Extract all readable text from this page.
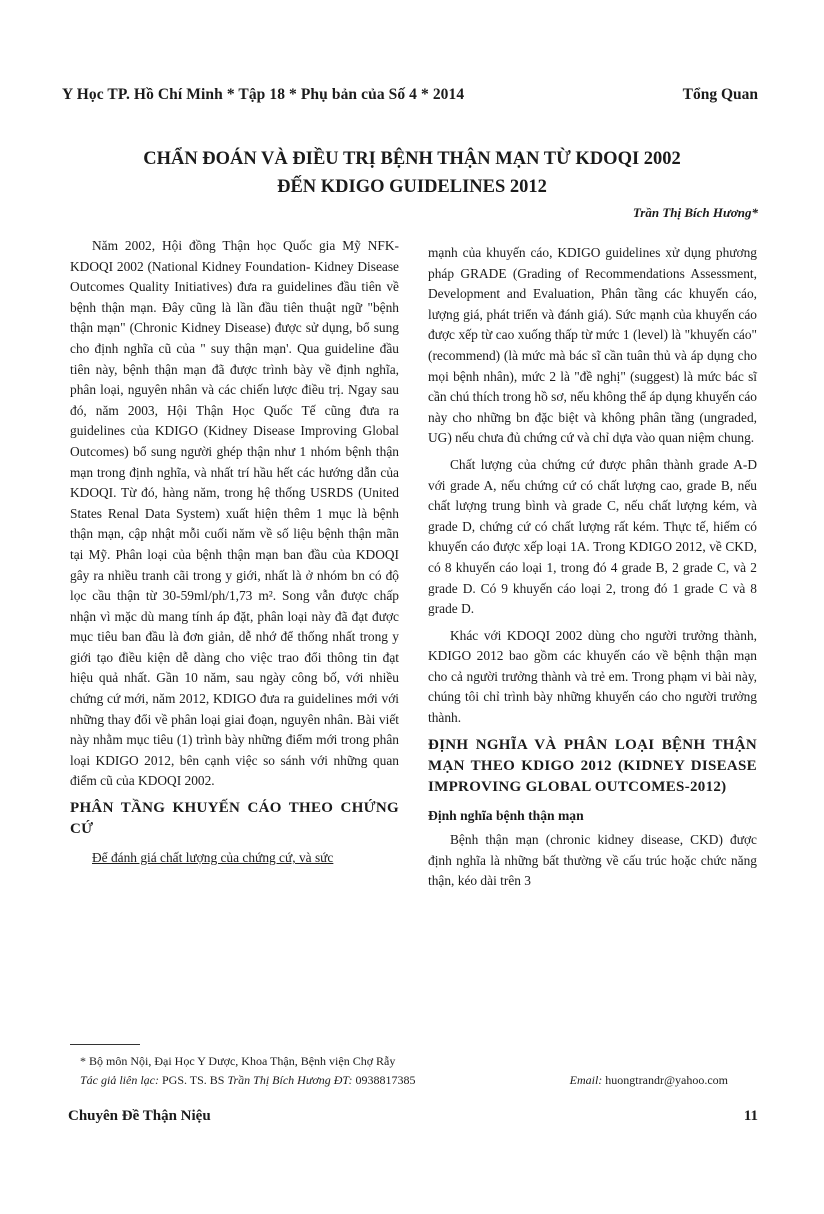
Y Học TP. Hồ Chí Minh * Tập 18 * Phụ bản của Số 4 * 2014	Tổng Quan
CHẨN ĐOÁN VÀ ĐIỀU TRỊ BỆNH THẬN MẠN TỪ KDOQI 2002
ĐẾN KDIGO GUIDELINES 2012
Trần Thị Bích Hương*

Năm 2002, Hội đồng Thận học Quốc gia Mỹ NFK-KDOQI 2002 (National Kidney Foundation- Kidney Disease Outcomes Quality Initiatives) đưa ra guidelines đầu tiên về bệnh thận mạn. Đây cũng là lần đầu tiên thuật ngữ "bệnh thận mạn" (Chronic Kidney Disease) được sử dụng, bổ sung cho định nghĩa cũ của " suy thận mạn'. Qua guideline đầu tiên này, bệnh thận mạn đã được trình bày về định nghĩa, phân loại, nguyên nhân và các chiến lược điều trị. Ngay sau đó, năm 2003, Hội Thận Học Quốc Tế cũng đưa ra guidelines của KDIGO (Kidney Disease Improving Global Outcomes) bổ sung người ghép thận như 1 nhóm bệnh thận mạn trong định nghĩa, và nhất trí hầu hết các hướng dẫn của KDOQI. Từ đó, hàng năm, trong hệ thống USRDS (United States Renal Data System) xuất hiện thêm 1 mục là bệnh thận mạn, cập nhật mỗi cuối năm về số liệu bệnh thận mãn tại Mỹ. Phân loại của bệnh thận mạn ban đầu của KDOQI gây ra nhiều tranh cãi trong y giới, nhất là ở nhóm bn có độ lọc cầu thận từ 30-59ml/ph/1,73 m². Song vẫn được chấp nhận vì mặc dù mang tính áp đặt, phân loại này đã đạt được mục tiêu ban đầu là đơn giản, dễ nhớ để thống nhất trong y giới tạo điều kiện dễ dàng cho việc trao đổi thông tin đạt hiệu quả nhất. Gần 10 năm, sau ngày công bố, với nhiều chứng cứ mới, năm 2012, KDIGO đưa ra guidelines mới với những thay đổi về phân loại giai đoạn, nguyên nhân. Bài viết này nhằm mục tiêu (1) trình bày những điểm mới trong phân loại KDIGO 2012, bên cạnh việc so sánh với những quan điểm cũ của KDOQI 2002.

PHÂN TẦNG KHUYẾN CÁO THEO CHỨNG CỨ

Để đánh giá chất lượng của chứng cứ, và sức

mạnh của khuyến cáo, KDIGO guidelines xử dụng phương pháp GRADE (Grading of Recommendations Assessment, Development and Evaluation, Phân tầng các khuyến cáo, lượng giá, phát triển và đánh giá). Sức mạnh của khuyến cáo được xếp từ cao xuống thấp từ mức 1 (level) là "khuyến cáo" (recommend) (là mức mà bác sĩ cần tuân thủ và áp dụng cho mọi bệnh nhân), mức 2 là "đề nghị" (suggest) là mức bác sĩ cần chú thích trong hồ sơ, nếu không thể áp dụng khuyến cáo này cho những bn đặc biệt và không phân tầng (ungraded, UG) nếu chưa đủ chứng cứ và chỉ dựa vào quan niệm chung.

Chất lượng của chứng cứ được phân thành grade A-D với grade A, nếu chứng cứ có chất lượng cao, grade B, nếu chất lượng trung bình và grade C, nếu chất lượng kém, và grade D, chứng cứ có chất lượng rất kém. Thực tế, hiếm có khuyến cáo được xếp loại 1A. Trong KDIGO 2012, về CKD, có 8 khuyến cáo loại 1, trong đó 4 grade B, 2 grade C, và 2 grade D. Có 9 khuyến cáo loại 2, trong đó 1 grade C và 8 grade D.

Khác với KDOQI 2002 dùng cho người trưởng thành, KDIGO 2012 bao gồm các khuyến cáo về bệnh thận mạn cho cả người trưởng thành và trẻ em. Trong phạm vi bài này, chúng tôi chỉ trình bày những khuyến cáo cho người trưởng thành.

ĐỊNH NGHĨA VÀ PHÂN LOẠI BỆNH THẬN MẠN THEO KDIGO 2012 (KIDNEY DISEASE IMPROVING GLOBAL OUTCOMES-2012)
Định nghĩa bệnh thận mạn

Bệnh thận mạn (chronic kidney disease, CKD) được định nghĩa là những bất thường về cấu trúc hoặc chức năng thận, kéo dài trên 3

* Bộ môn Nội, Đại Học Y Dược, Khoa Thận, Bệnh viện Chợ Rẫy
Tác giả liên lạc: PGS. TS. BS Trần Thị Bích Hương ĐT: 0938817385	Email: huongtrandr@yahoo.com
Chuyên Đề Thận Niệu	11
